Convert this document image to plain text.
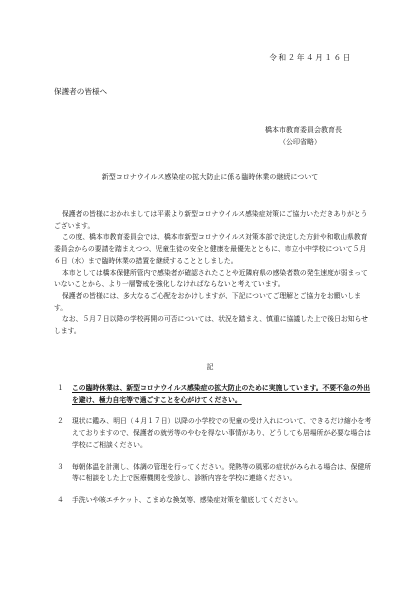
令和２年４月１６日
保護者の皆様へ
橋本市教育委員会教育長
（公印省略）
新型コロナウイルス感染症の拡大防止に係る臨時休業の継続について

保護者の皆様におかれましては平素より新型コロナウイルス感染症対策にご協力いただきありがとうございます。

この度、橋本市教育委員会では、橋本市新型コロナウイルス対策本部で決定した方針や和歌山県教育委員会からの要請を踏まえつつ、児童生徒の安全と健康を最優先とともに、市立小中学校について５月６日（水）まで臨時休業の措置を継続することとしました。

本市としては橋本保健所管内で感染者が確認されたことや近隣府県の感染者数の発生速度が弱まっていないことから、より一層警戒を強化しなければならないと考えています。

保護者の皆様には、多大なるご心配をおかけしますが、下記についてご理解とご協力をお願いします。

なお、５月７日以降の学校再開の可否については、状況を踏まえ、慎重に協議した上で後日お知らせします。

記
１	この臨時休業は、新型コロナウイルス感染症の拡大防止のために実施しています。不要不急の外出を避け、極力自宅等で過ごすことを心がけてください。
２	現状に鑑み、明日（４月１７日）以降の小学校での児童の受け入れについて、できるだけ縮小を考えておりますので、保護者の就労等のやむを得ない事情があり、どうしても居場所が必要な場合は学校にご相談ください。
３	毎朝体温を計測し、体調の管理を行ってください。発熱等の風邪の症状がみられる場合は、保健所等に相談をした上で医療機関を受診し、診断内容を学校に連絡ください。
４	手洗いや咳エチケット、こまめな換気等、感染症対策を徹底してください。
